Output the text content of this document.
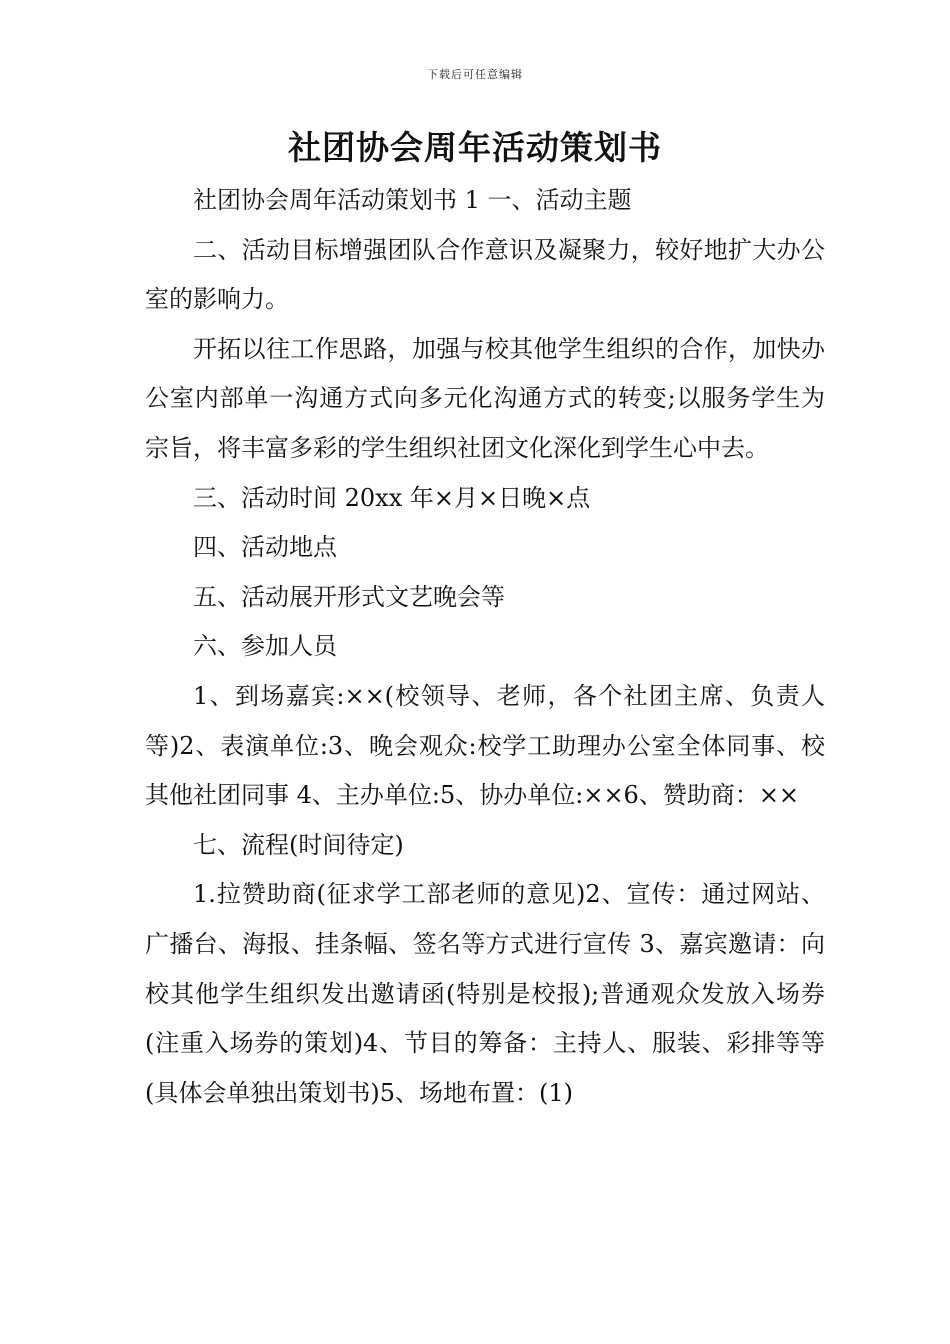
下载后可任意编辑
社团协会周年活动策划书

社团协会周年活动策划书 1 一、活动主题

二、活动目标增强团队合作意识及凝聚力，较好地扩大办公室的影响力。

开拓以往工作思路，加强与校其他学生组织的合作，加快办公室内部单一沟通方式向多元化沟通方式的转变;以服务学生为宗旨，将丰富多彩的学生组织社团文化深化到学生心中去。

三、活动时间 20xx 年×月×日晚×点

四、活动地点

五、活动展开形式文艺晚会等

六、参加人员

1、到场嘉宾:××(校领导、老师，各个社团主席、负责人等)2、表演单位:3、晚会观众:校学工助理办公室全体同事、校其他社团同事 4、主办单位:5、协办单位:××6、赞助商：××

七、流程(时间待定)

1.拉赞助商(征求学工部老师的意见)2、宣传：通过网站、广播台、海报、挂条幅、签名等方式进行宣传 3、嘉宾邀请：向校其他学生组织发出邀请函(特别是校报);普通观众发放入场券(注重入场券的策划)4、节目的筹备：主持人、服装、彩排等等(具体会单独出策划书)5、场地布置：(1)
